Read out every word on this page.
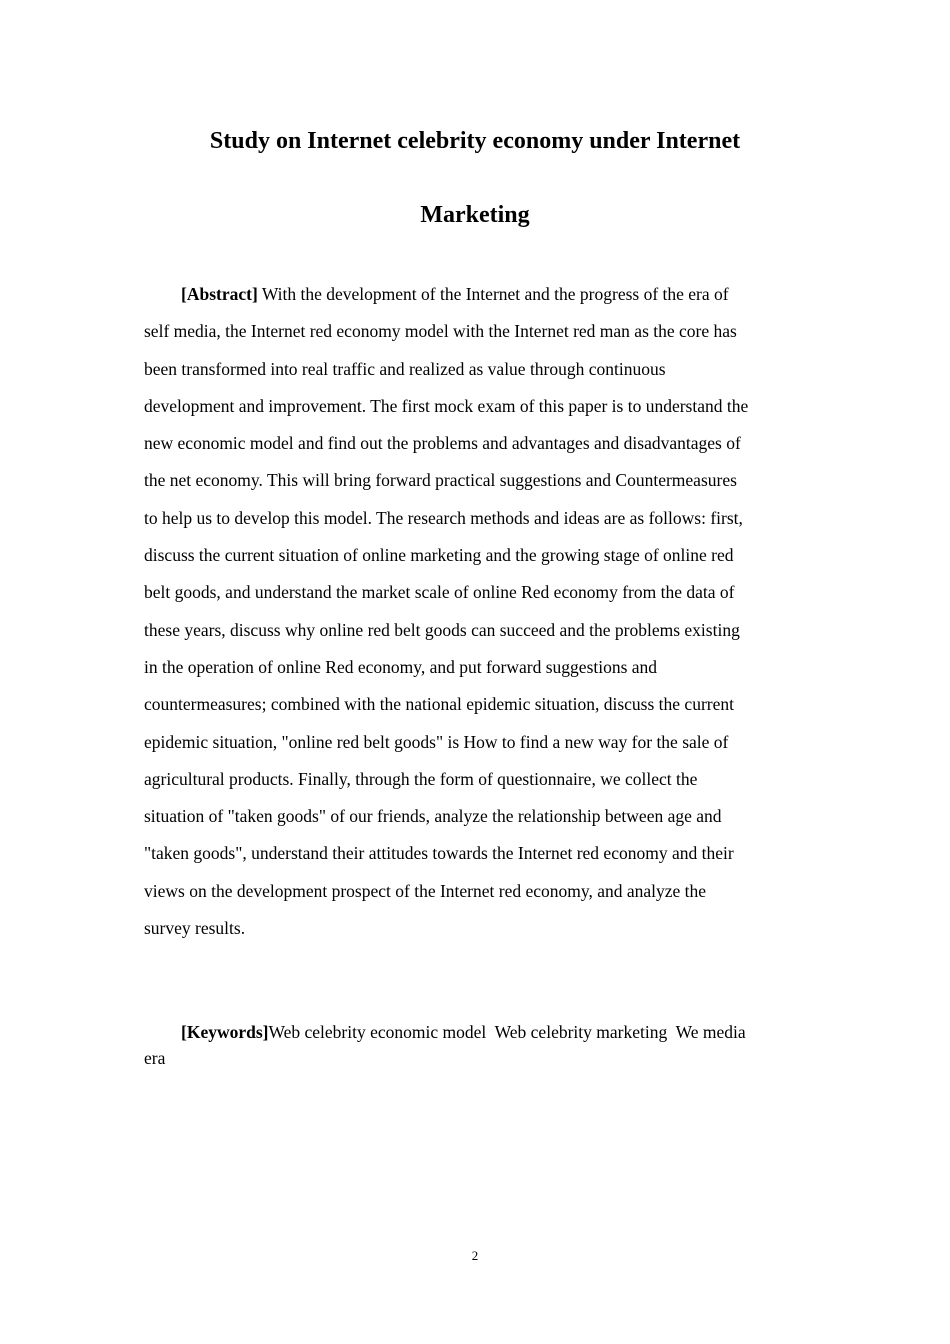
Study on Internet celebrity economy under Internet
Marketing

[Abstract] With the development of the Internet and the progress of the era of
self media, the Internet red economy model with the Internet red man as the core has
been transformed into real traffic and realized as value through continuous
development and improvement. The first mock exam of this paper is to understand the
new economic model and find out the problems and advantages and disadvantages of
the net economy. This will bring forward practical suggestions and Countermeasures
to help us to develop this model. The research methods and ideas are as follows: first,
discuss the current situation of online marketing and the growing stage of online red
belt goods, and understand the market scale of online Red economy from the data of
these years, discuss why online red belt goods can succeed and the problems existing
in the operation of online Red economy, and put forward suggestions and
countermeasures; combined with the national epidemic situation, discuss the current
epidemic situation, "online red belt goods" is How to find a new way for the sale of
agricultural products. Finally, through the form of questionnaire, we collect the
situation of "taken goods" of our friends, analyze the relationship between age and
"taken goods", understand their attitudes towards the Internet red economy and their
views on the development prospect of the Internet red economy, and analyze the
survey results.

[Keywords]Web celebrity economic model  Web celebrity marketing  We media
era

2
